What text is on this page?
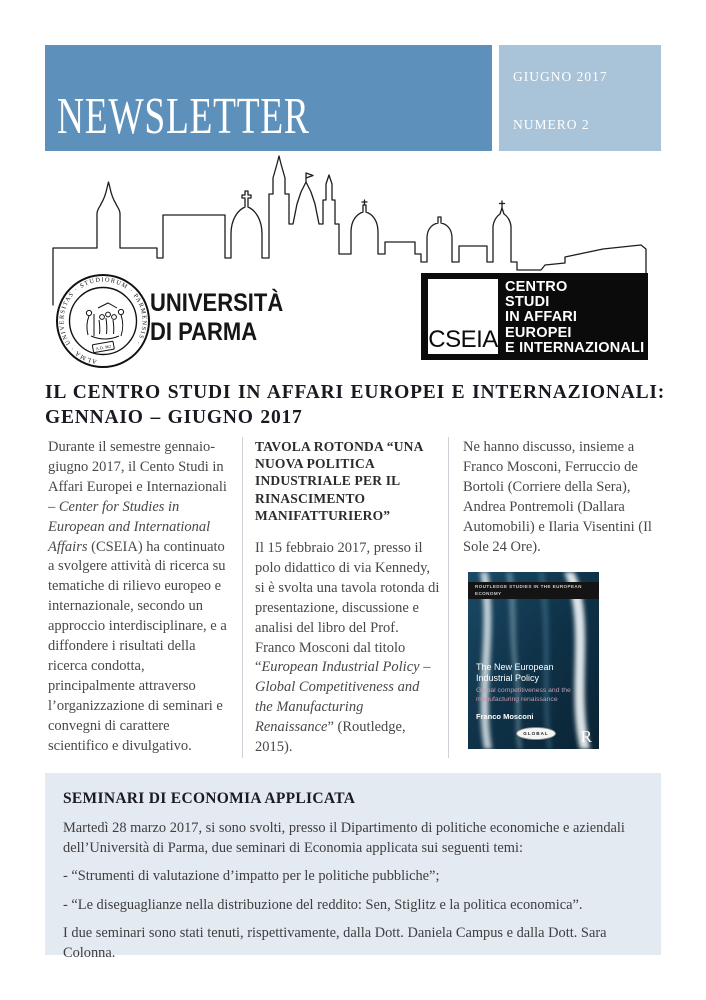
NEWSLETTER
GIUGNO 2017
NUMERO 2
ALMA · UNIVERSITAS · STUDIORUM · PARMENSIS ·
A.D. 962
UNIVERSITÀ
DI PARMA	CSEIA
CENTRO
STUDI
IN AFFARI
EUROPEI
E INTERNAZIONALI
IL CENTRO STUDI IN AFFARI EUROPEI E INTERNAZIONALI: GENNAIO – GIUGNO 2017

Durante il semestre gennaio-giugno 2017, il Cento Studi in Affari Europei e Internazionali – Center for Studies in European and International Affairs (CSEIA) ha continuato a svolgere attività di ricerca su tematiche di rilievo europeo e internazionale, secondo un approccio interdisciplinare, e a diffondere i risultati della ricerca condotta, principalmente attraverso l’organizzazione di seminari e convegni di carattere scientifico e divulgativo.

TAVOLA ROTONDA “UNA NUOVA POLITICA INDUSTRIALE PER IL RINASCIMENTO MANIFATTURIERO”

Il 15 febbraio 2017, presso il polo didattico di via Kennedy, si è svolta una tavola rotonda di presentazione, discussione e analisi del libro del Prof. Franco Mosconi dal titolo “European Industrial Policy – Global Competitiveness and the Manufacturing Renaissance” (Routledge, 2015).

Ne hanno discusso, insieme a Franco Mosconi, Ferruccio de Bortoli (Corriere della Sera), Andrea Pontremoli (Dallara Automobili) e Ilaria Visentini (Il Sole 24 Ore).

ROUTLEDGE STUDIES IN THE EUROPEAN ECONOMY
The New European Industrial Policy
Global competitiveness and the manufacturing renaissance
Franco Mosconi
GLOBAL	R
SEMINARI DI ECONOMIA APPLICATA

Martedì 28 marzo 2017, si sono svolti, presso il Dipartimento di politiche economiche e aziendali dell’Università di Parma, due seminari di Economia applicata sui seguenti temi:

- “Strumenti di valutazione d’impatto per le politiche pubbliche”;

- “Le diseguaglianze nella distribuzione del reddito: Sen, Stiglitz e la politica economica”.

I due seminari sono stati tenuti, rispettivamente, dalla Dott. Daniela Campus e dalla Dott. Sara Colonna.
